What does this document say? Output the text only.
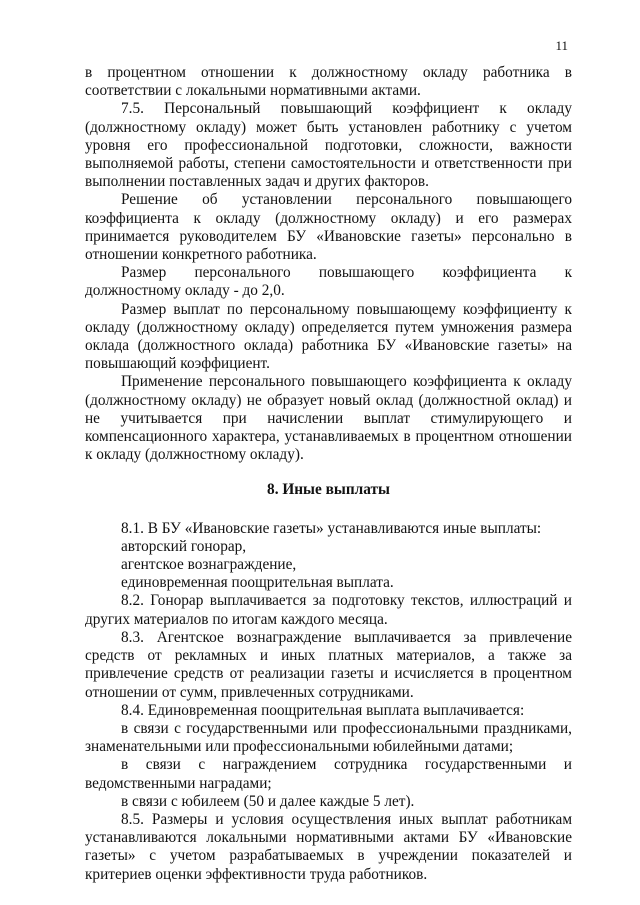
11

в процентном отношении к должностному окладу работника в соответствии с локальными нормативными актами.

7.5. Персональный повышающий коэффициент к окладу (должностному окладу) может быть установлен работнику с учетом уровня его профессиональной подготовки, сложности, важности выполняемой работы, степени самостоятельности и ответственности при выполнении поставленных задач и других факторов.

Решение об установлении персонального повышающего коэффициента к окладу (должностному окладу) и его размерах принимается руководителем БУ «Ивановские газеты» персонально в отношении конкретного работника.

Размер персонального повышающего коэффициента к должностному окладу - до 2,0.

Размер выплат по персональному повышающему коэффициенту к окладу (должностному окладу) определяется путем умножения размера оклада (должностного оклада) работника БУ «Ивановские газеты» на повышающий коэффициент.

Применение персонального повышающего коэффициента к окладу (должностному окладу) не образует новый оклад (должностной оклад) и не учитывается при начислении выплат стимулирующего и компенсационного характера, устанавливаемых в процентном отношении к окладу (должностному окладу).

8. Иные выплаты

8.1. В БУ «Ивановские газеты» устанавливаются иные выплаты:

авторский гонорар,

агентское вознаграждение,

единовременная поощрительная выплата.

8.2. Гонорар выплачивается за подготовку текстов, иллюстраций и других материалов по итогам каждого месяца.

8.3. Агентское вознаграждение выплачивается за привлечение средств от рекламных и иных платных материалов, а также за привлечение средств от реализации газеты и исчисляется в процентном отношении от сумм, привлеченных сотрудниками.

8.4. Единовременная поощрительная выплата выплачивается:

в связи с государственными или профессиональными праздниками, знаменательными или профессиональными юбилейными датами;

в связи с награждением сотрудника государственными и ведомственными наградами;

в связи с юбилеем (50 и далее каждые 5 лет).

8.5. Размеры и условия осуществления иных выплат работникам устанавливаются локальными нормативными актами БУ «Ивановские газеты» с учетом разрабатываемых в учреждении показателей и критериев оценки эффективности труда работников.
